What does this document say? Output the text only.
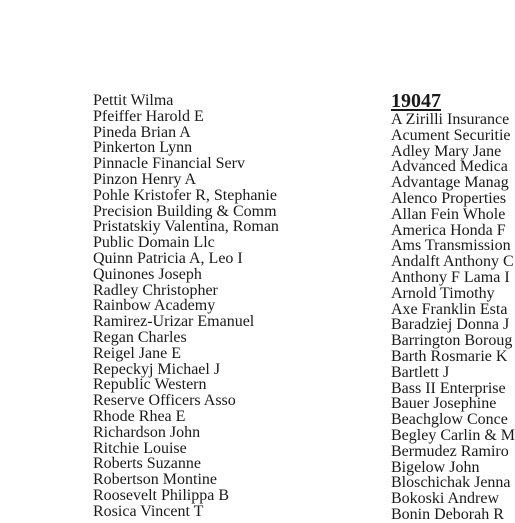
Pettit Wilma
Pfeiffer Harold E
Pineda Brian A
Pinkerton Lynn
Pinnacle Financial Serv
Pinzon Henry A
Pohle Kristofer R, Stephanie
Precision Building & Comm
Pristatskiy Valentina, Roman
Public Domain Llc
Quinn Patricia A, Leo I
Quinones Joseph
Radley Christopher
Rainbow Academy
Ramirez-Urizar Emanuel
Regan Charles
Reigel Jane E
Repeckyj Michael J
Republic Western
Reserve Officers Asso
Rhode Rhea E
Richardson John
Ritchie Louise
Roberts Suzanne
Robertson Montine
Roosevelt Philippa B
Rosica Vincent T
19047
A Zirilli Insurance
Acument Securitie
Adley Mary Jane
Advanced Medica
Advantage Manag
Alenco Properties
Allan Fein Whole
America Honda F
Ams Transmission
Andalft Anthony C
Anthony F Lama I
Arnold Timothy
Axe Franklin Esta
Baradziej Donna J
Barrington Boroug
Barth Rosmarie K
Bartlett J
Bass II Enterprise
Bauer Josephine
Beachglow Conce
Begley Carlin & M
Bermudez Ramiro
Bigelow John
Bloschichak Jenna
Bokoski Andrew
Bonin Deborah R
